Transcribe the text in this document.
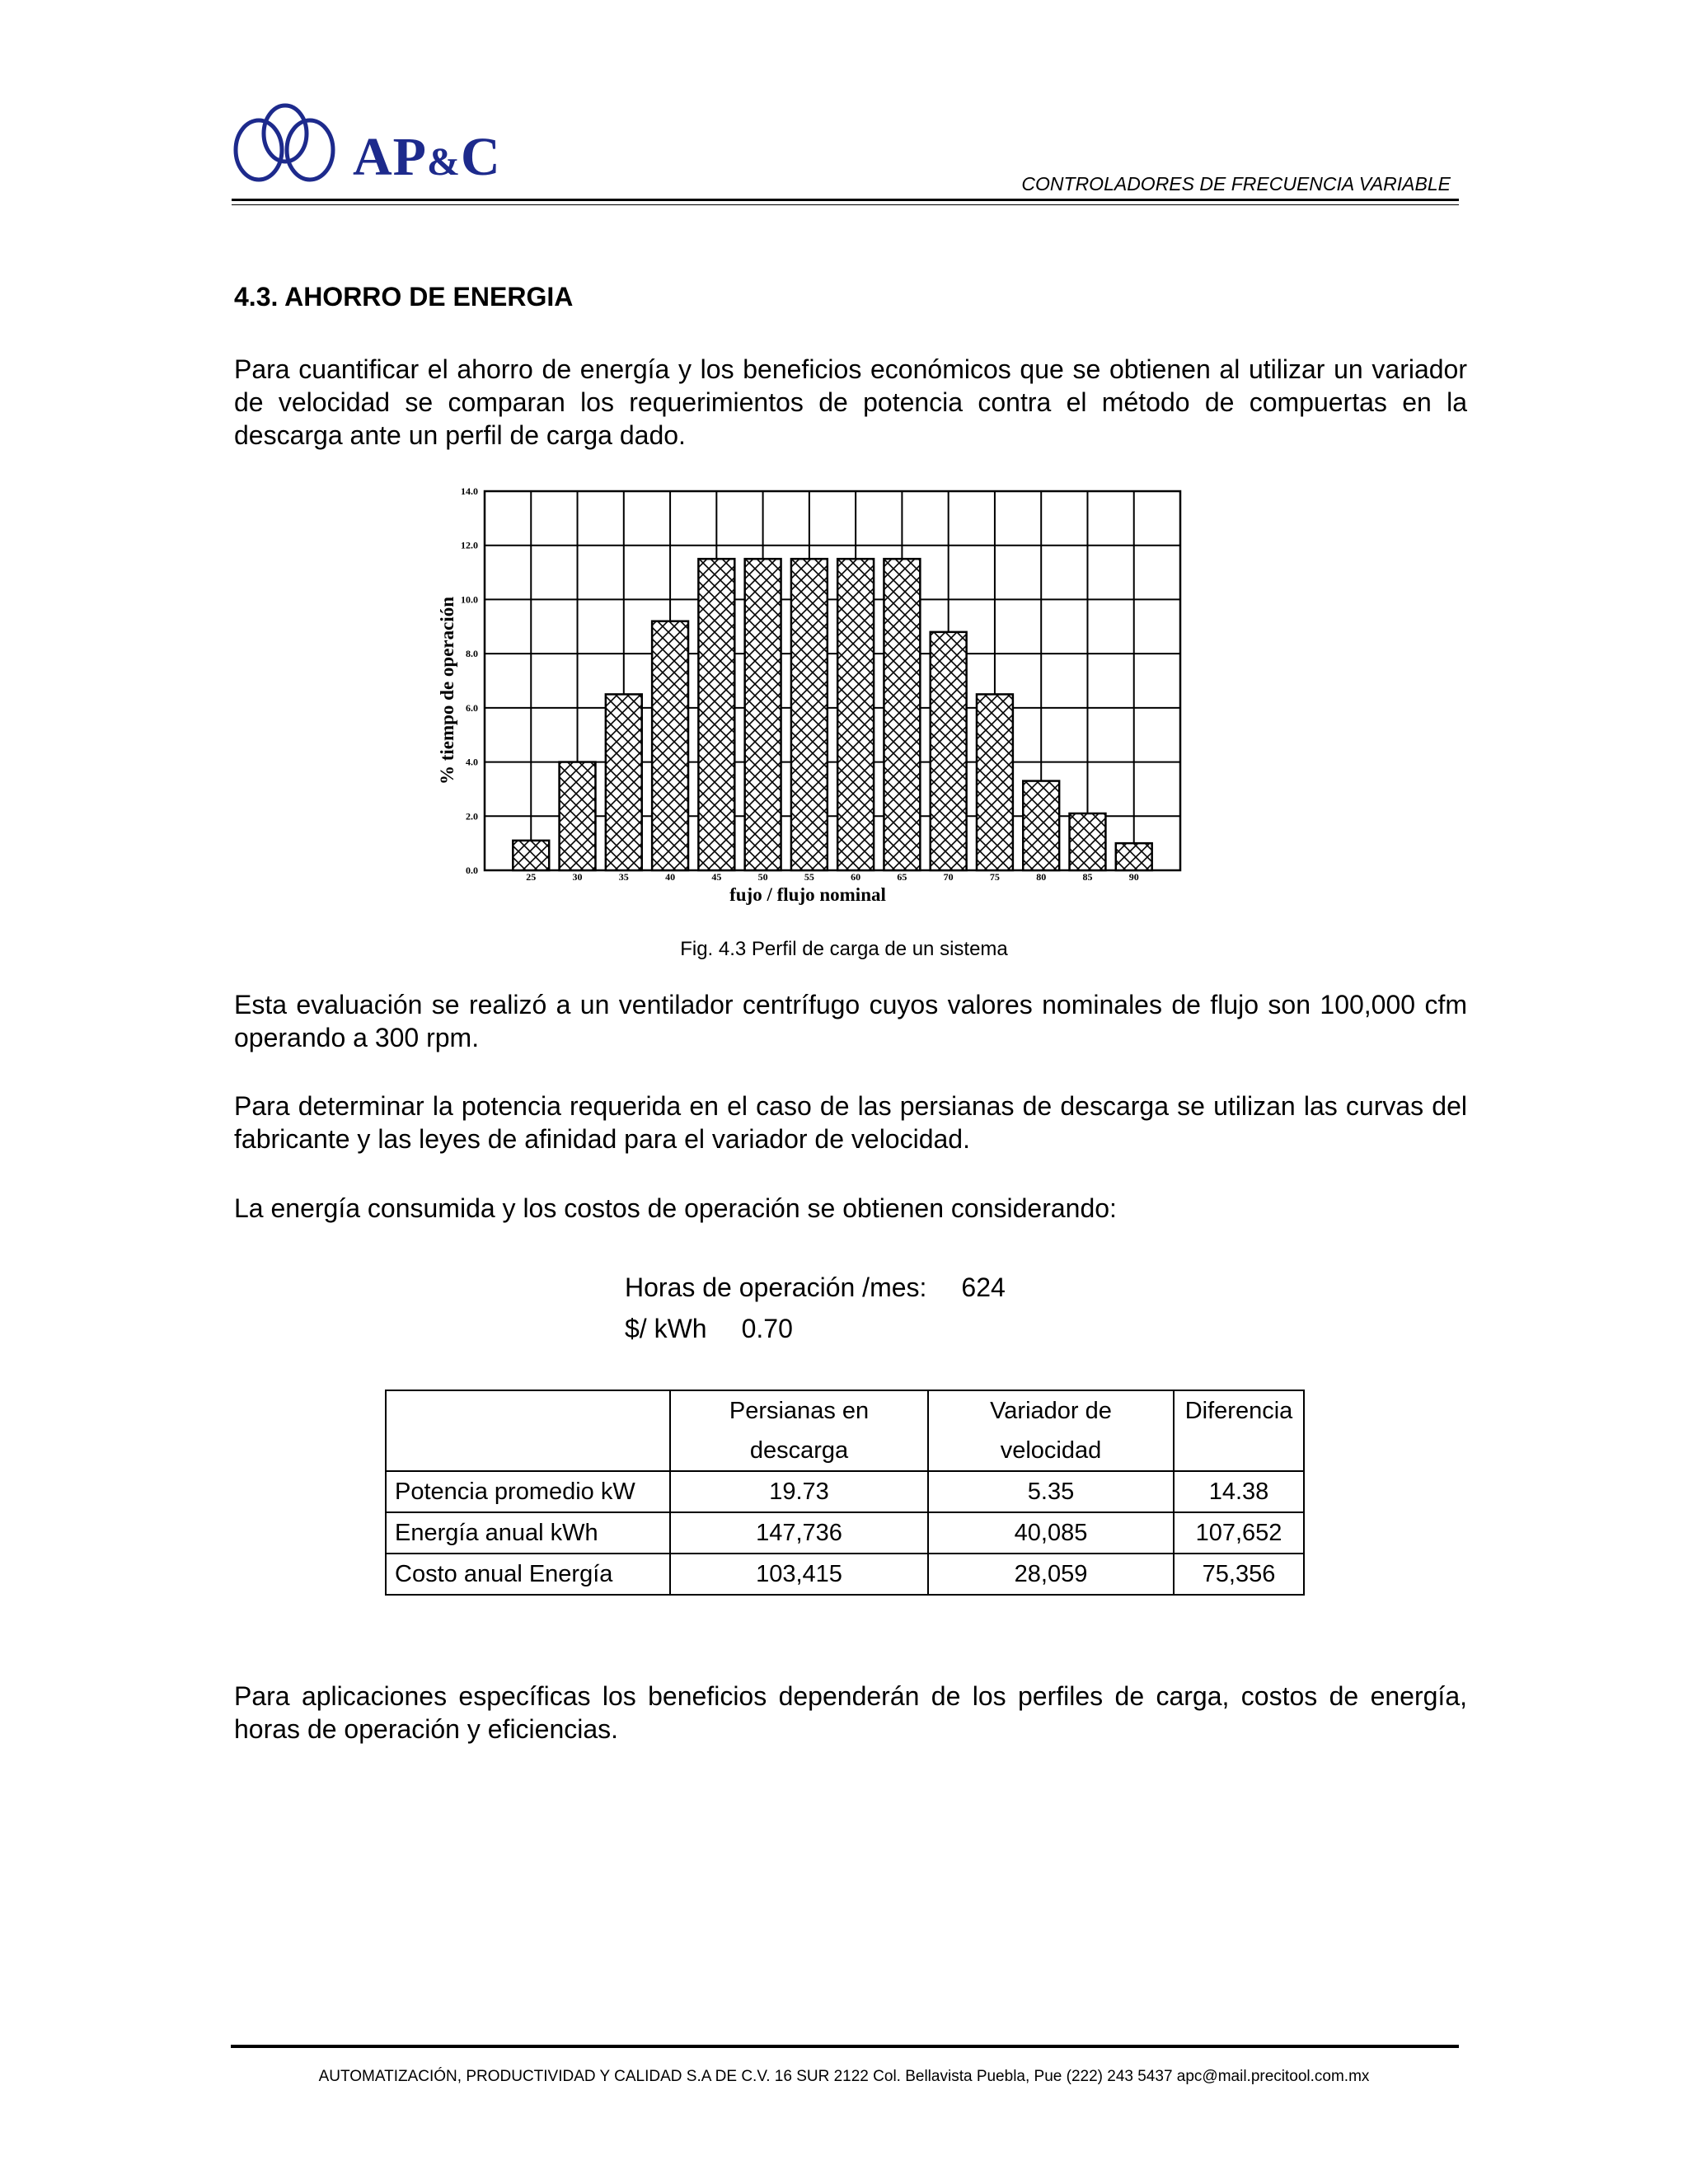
AP&C	CONTROLADORES DE FRECUENCIA VARIABLE
4.3. AHORRO DE ENERGIA
Para cuantificar el ahorro de energía y los beneficios económicos que se obtienen al utilizar un variador de velocidad se comparan los requerimientos de potencia contra el método de compuertas en la descarga ante un perfil de carga dado.
0.0
2.0
4.0
6.0
8.0
10.0
12.0
14.0
25	30	35	40	45	50	55	60	65	70	75	80	85	90
fujo / flujo nominal
% tiempo de operación
Fig. 4.3 Perfil de carga de un sistema
Esta evaluación se realizó a un ventilador centrífugo cuyos valores nominales de flujo son 100,000 cfm operando a 300 rpm.
Para determinar la potencia requerida en el caso de las persianas de descarga se utilizan las curvas del fabricante y las leyes de afinidad para el variador de velocidad.
La energía consumida y los costos de operación se obtienen considerando:
Horas de operación /mes: 624
$/ kWh 0.70
	Persianas en descarga	Variador de velocidad	Diferencia
Potencia promedio kW	19.73	5.35	14.38
Energía anual kWh	147,736	40,085	107,652
Costo anual Energía	103,415	28,059	75,356
Para aplicaciones específicas los beneficios dependerán de los perfiles de carga, costos de energía, horas de operación y eficiencias.
AUTOMATIZACIÓN, PRODUCTIVIDAD Y CALIDAD S.A DE C.V. 16 SUR 2122 Col. Bellavista Puebla, Pue (222) 243 5437 apc@mail.precitool.com.mx
